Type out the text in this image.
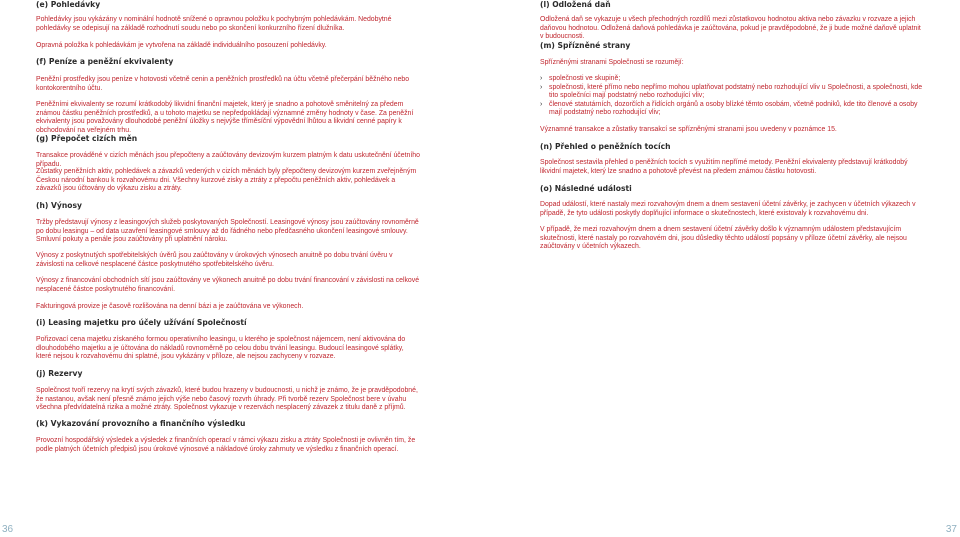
(e) Pohledávky

Pohledávky jsou vykázány v nominální hodnotě snížené o opravnou položku k pochybným pohledávkám. Nedobytné pohledávky se odepisují na základě rozhodnutí soudu nebo po skončení konkurzního řízení dlužníka.

Opravná položka k pohledávkám je vytvořena na základě individuálního posouzení pohledávky.

(f) Peníze a peněžní ekvivalenty

Peněžní prostředky jsou peníze v hotovosti včetně cenin a peněžních prostředků na účtu včetně přečerpání běžného nebo kontokorentního účtu.

Peněžními ekvivalenty se rozumí krátkodobý likvidní finanční majetek, který je snadno a pohotově směnitelný za předem známou částku peněžních prostředků, a u tohoto majetku se nepředpokládají významné změny hodnoty v čase. Za peněžní ekvivalenty jsou považovány dlouhodobé peněžní úložky s nejvýše tříměsíční výpovědní lhůtou a likvidní cenné papíry k obchodování na veřejném trhu.

(g) Přepočet cizích měn

Transakce prováděné v cizích měnách jsou přepočteny a zaúčtovány devizovým kurzem platným k datu uskutečnění účetního případu.

Zůstatky peněžních aktiv, pohledávek a závazků vedených v cizích měnách byly přepočteny devizovým kurzem zveřejněným Českou národní bankou k rozvahovému dni. Všechny kurzové zisky a ztráty z přepočtu peněžních aktiv, pohledávek a závazků jsou účtovány do výkazu zisku a ztráty.

(h) Výnosy

Tržby představují výnosy z leasingových služeb poskytovaných Společností. Leasingové výnosy jsou zaúčtovány rovnoměrně po dobu leasingu – od data uzavření leasingové smlouvy až do řádného nebo předčasného ukončení leasingové smlouvy. Smluvní pokuty a penále jsou zaúčtovány při uplatnění nároku.

Výnosy z poskytnutých spotřebitelských úvěrů jsou zaúčtovány v úrokových výnosech anuitně po dobu trvání úvěru v závislosti na celkové nesplacené částce poskytnutého spotřebitelského úvěru.

Výnosy z financování obchodních sítí jsou zaúčtovány ve výkonech anuitně po dobu trvání financování v závislosti na celkové nesplacené částce poskytnutého financování.

Fakturingová provize je časově rozlišována na denní bázi a je zaúčtována ve výkonech.

(i) Leasing majetku pro účely užívání Společností

Pořizovací cena majetku získaného formou operativního leasingu, u kterého je společnost nájemcem, není aktivována do dlouhodobého majetku a je účtována do nákladů rovnoměrně po celou dobu trvání leasingu. Budoucí leasingové splátky, které nejsou k rozvahovému dni splatné, jsou vykázány v příloze, ale nejsou zachyceny v rozvaze.

(j) Rezervy

Společnost tvoří rezervy na krytí svých závazků, které budou hrazeny v budoucnosti, u nichž je známo, že je pravděpodobné, že nastanou, avšak není přesně známo jejich výše nebo časový rozvrh úhrady. Při tvorbě rezerv Společnost bere v úvahu všechna předvídatelná rizika a možné ztráty. Společnost vykazuje v rezervách nesplacený závazek z titulu daně z příjmů.

(k) Vykazování provozního a finančního výsledku

Provozní hospodářský výsledek a výsledek z finančních operací v rámci výkazu zisku a ztráty Společnosti je ovlivněn tím, že podle platných účetních předpisů jsou úrokové výnosové a nákladové úroky zahrnuty ve výsledku z finančních operací.

(l) Odložená daň

Odložená daň se vykazuje u všech přechodných rozdílů mezi zůstatkovou hodnotou aktiva nebo závazku v rozvaze a jejich daňovou hodnotou. Odložená daňová pohledávka je zaúčtována, pokud je pravděpodobné, že ji bude možné daňově uplatnit v budoucnosti.

(m) Spřízněné strany

Spřízněnými stranami Společnosti se rozumějí:

› společnosti ve skupině;
› společnosti, které přímo nebo nepřímo mohou uplatňovat podstatný nebo rozhodující vliv u Společnosti, a společnosti, kde tito společníci mají podstatný nebo rozhodující vliv;
› členové statutárních, dozorčích a řídících orgánů a osoby blízké těmto osobám, včetně podniků, kde tito členové a osoby mají podstatný nebo rozhodující vliv;

Významné transakce a zůstatky transakcí se spřízněnými stranami jsou uvedeny v poznámce 15.

(n) Přehled o peněžních tocích

Společnost sestavila přehled o peněžních tocích s využitím nepřímé metody. Peněžní ekvivalenty představují krátkodobý likvidní majetek, který lze snadno a pohotově převést na předem známou částku hotovosti.

(o) Následné události

Dopad událostí, které nastaly mezi rozvahovým dnem a dnem sestavení účetní závěrky, je zachycen v účetních výkazech v případě, že tyto události poskytly doplňující informace o skutečnostech, které existovaly k rozvahovému dni.

V případě, že mezi rozvahovým dnem a dnem sestavení účetní závěrky došlo k významným událostem představujícím skutečnosti, které nastaly po rozvahovém dni, jsou důsledky těchto událostí popsány v příloze účetní závěrky, ale nejsou zaúčtovány v účetních výkazech.

36	37
